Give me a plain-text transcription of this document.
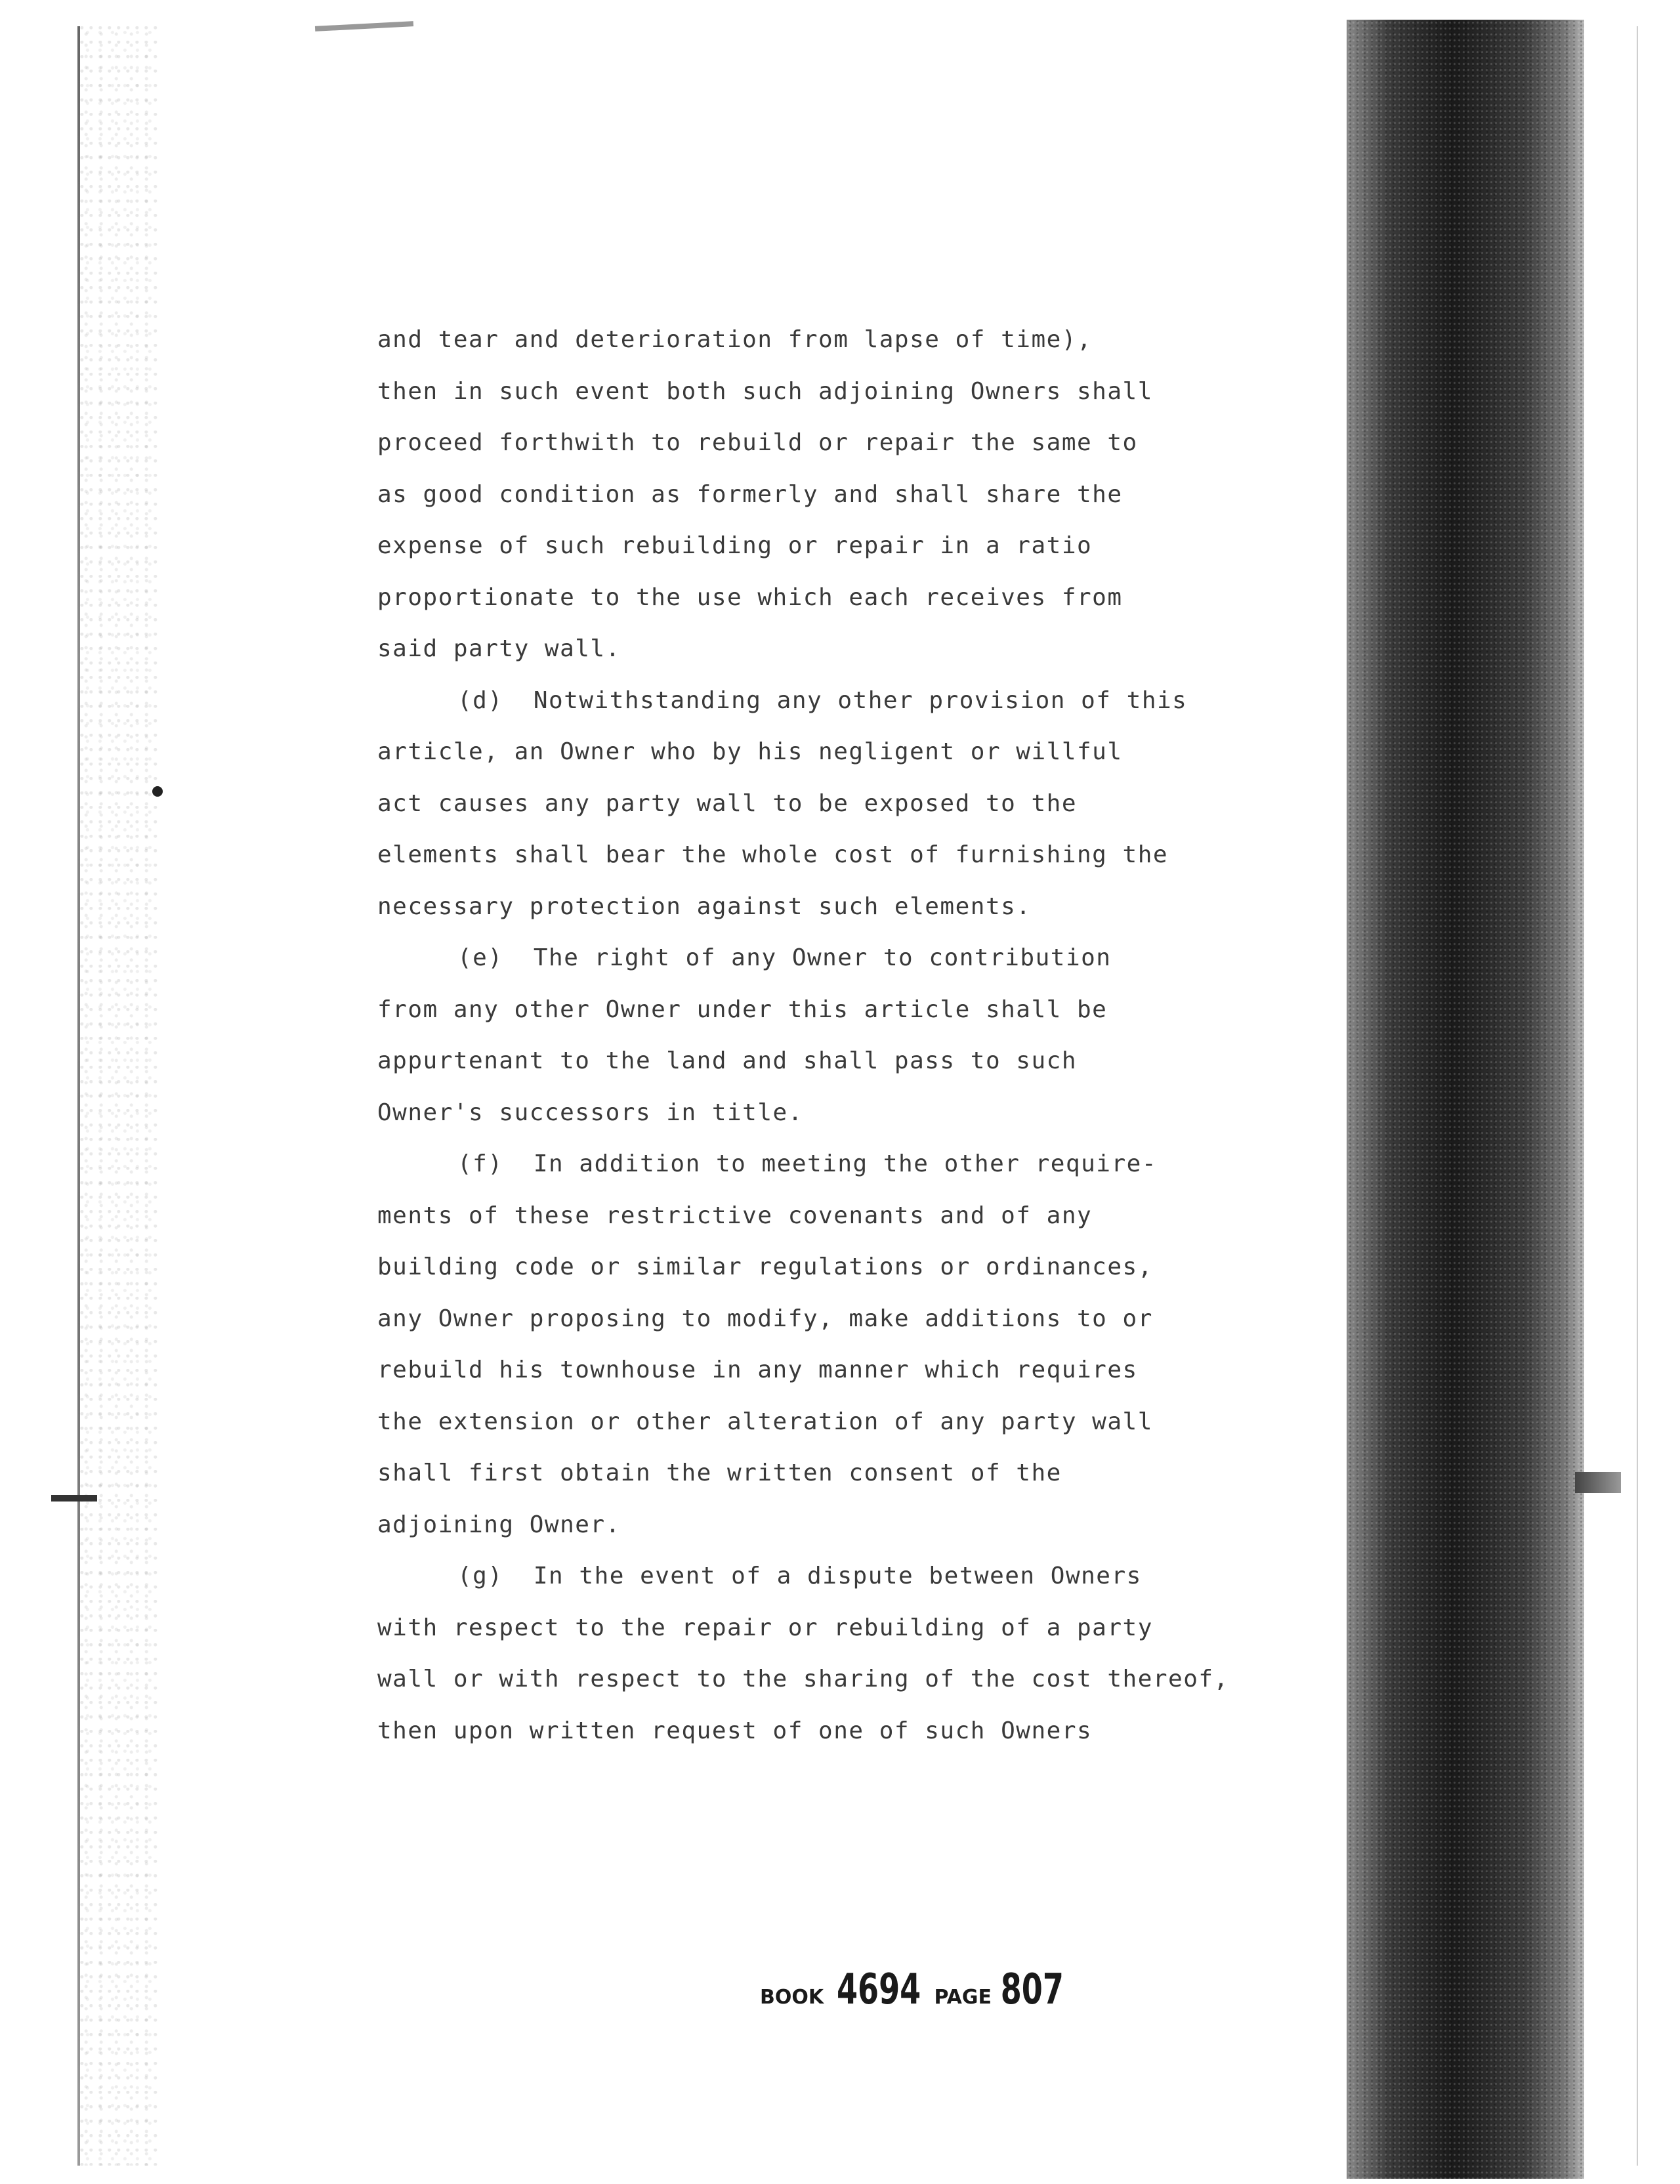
and tear and deterioration from lapse of time),

then in such event both such adjoining Owners shall

proceed forthwith to rebuild or repair the same to

as good condition as formerly and shall share the

expense of such rebuilding or repair in a ratio

proportionate to the use which each receives from

said party wall.

(d)  Notwithstanding any other provision of this

article, an Owner who by his negligent or willful

act causes any party wall to be exposed to the

elements shall bear the whole cost of furnishing the

necessary protection against such elements.

(e)  The right of any Owner to contribution

from any other Owner under this article shall be

appurtenant to the land and shall pass to such

Owner's successors in title.

(f)  In addition to meeting the other require-

ments of these restrictive covenants and of any

building code or similar regulations or ordinances,

any Owner proposing to modify, make additions to or

rebuild his townhouse in any manner which requires

the extension or other alteration of any party wall

shall first obtain the written consent of the

adjoining Owner.

(g)  In the event of a dispute between Owners

with respect to the repair or rebuilding of a party

wall or with respect to the sharing of the cost thereof,

then upon written request of one of such Owners

BOOK 4694 PAGE 807
